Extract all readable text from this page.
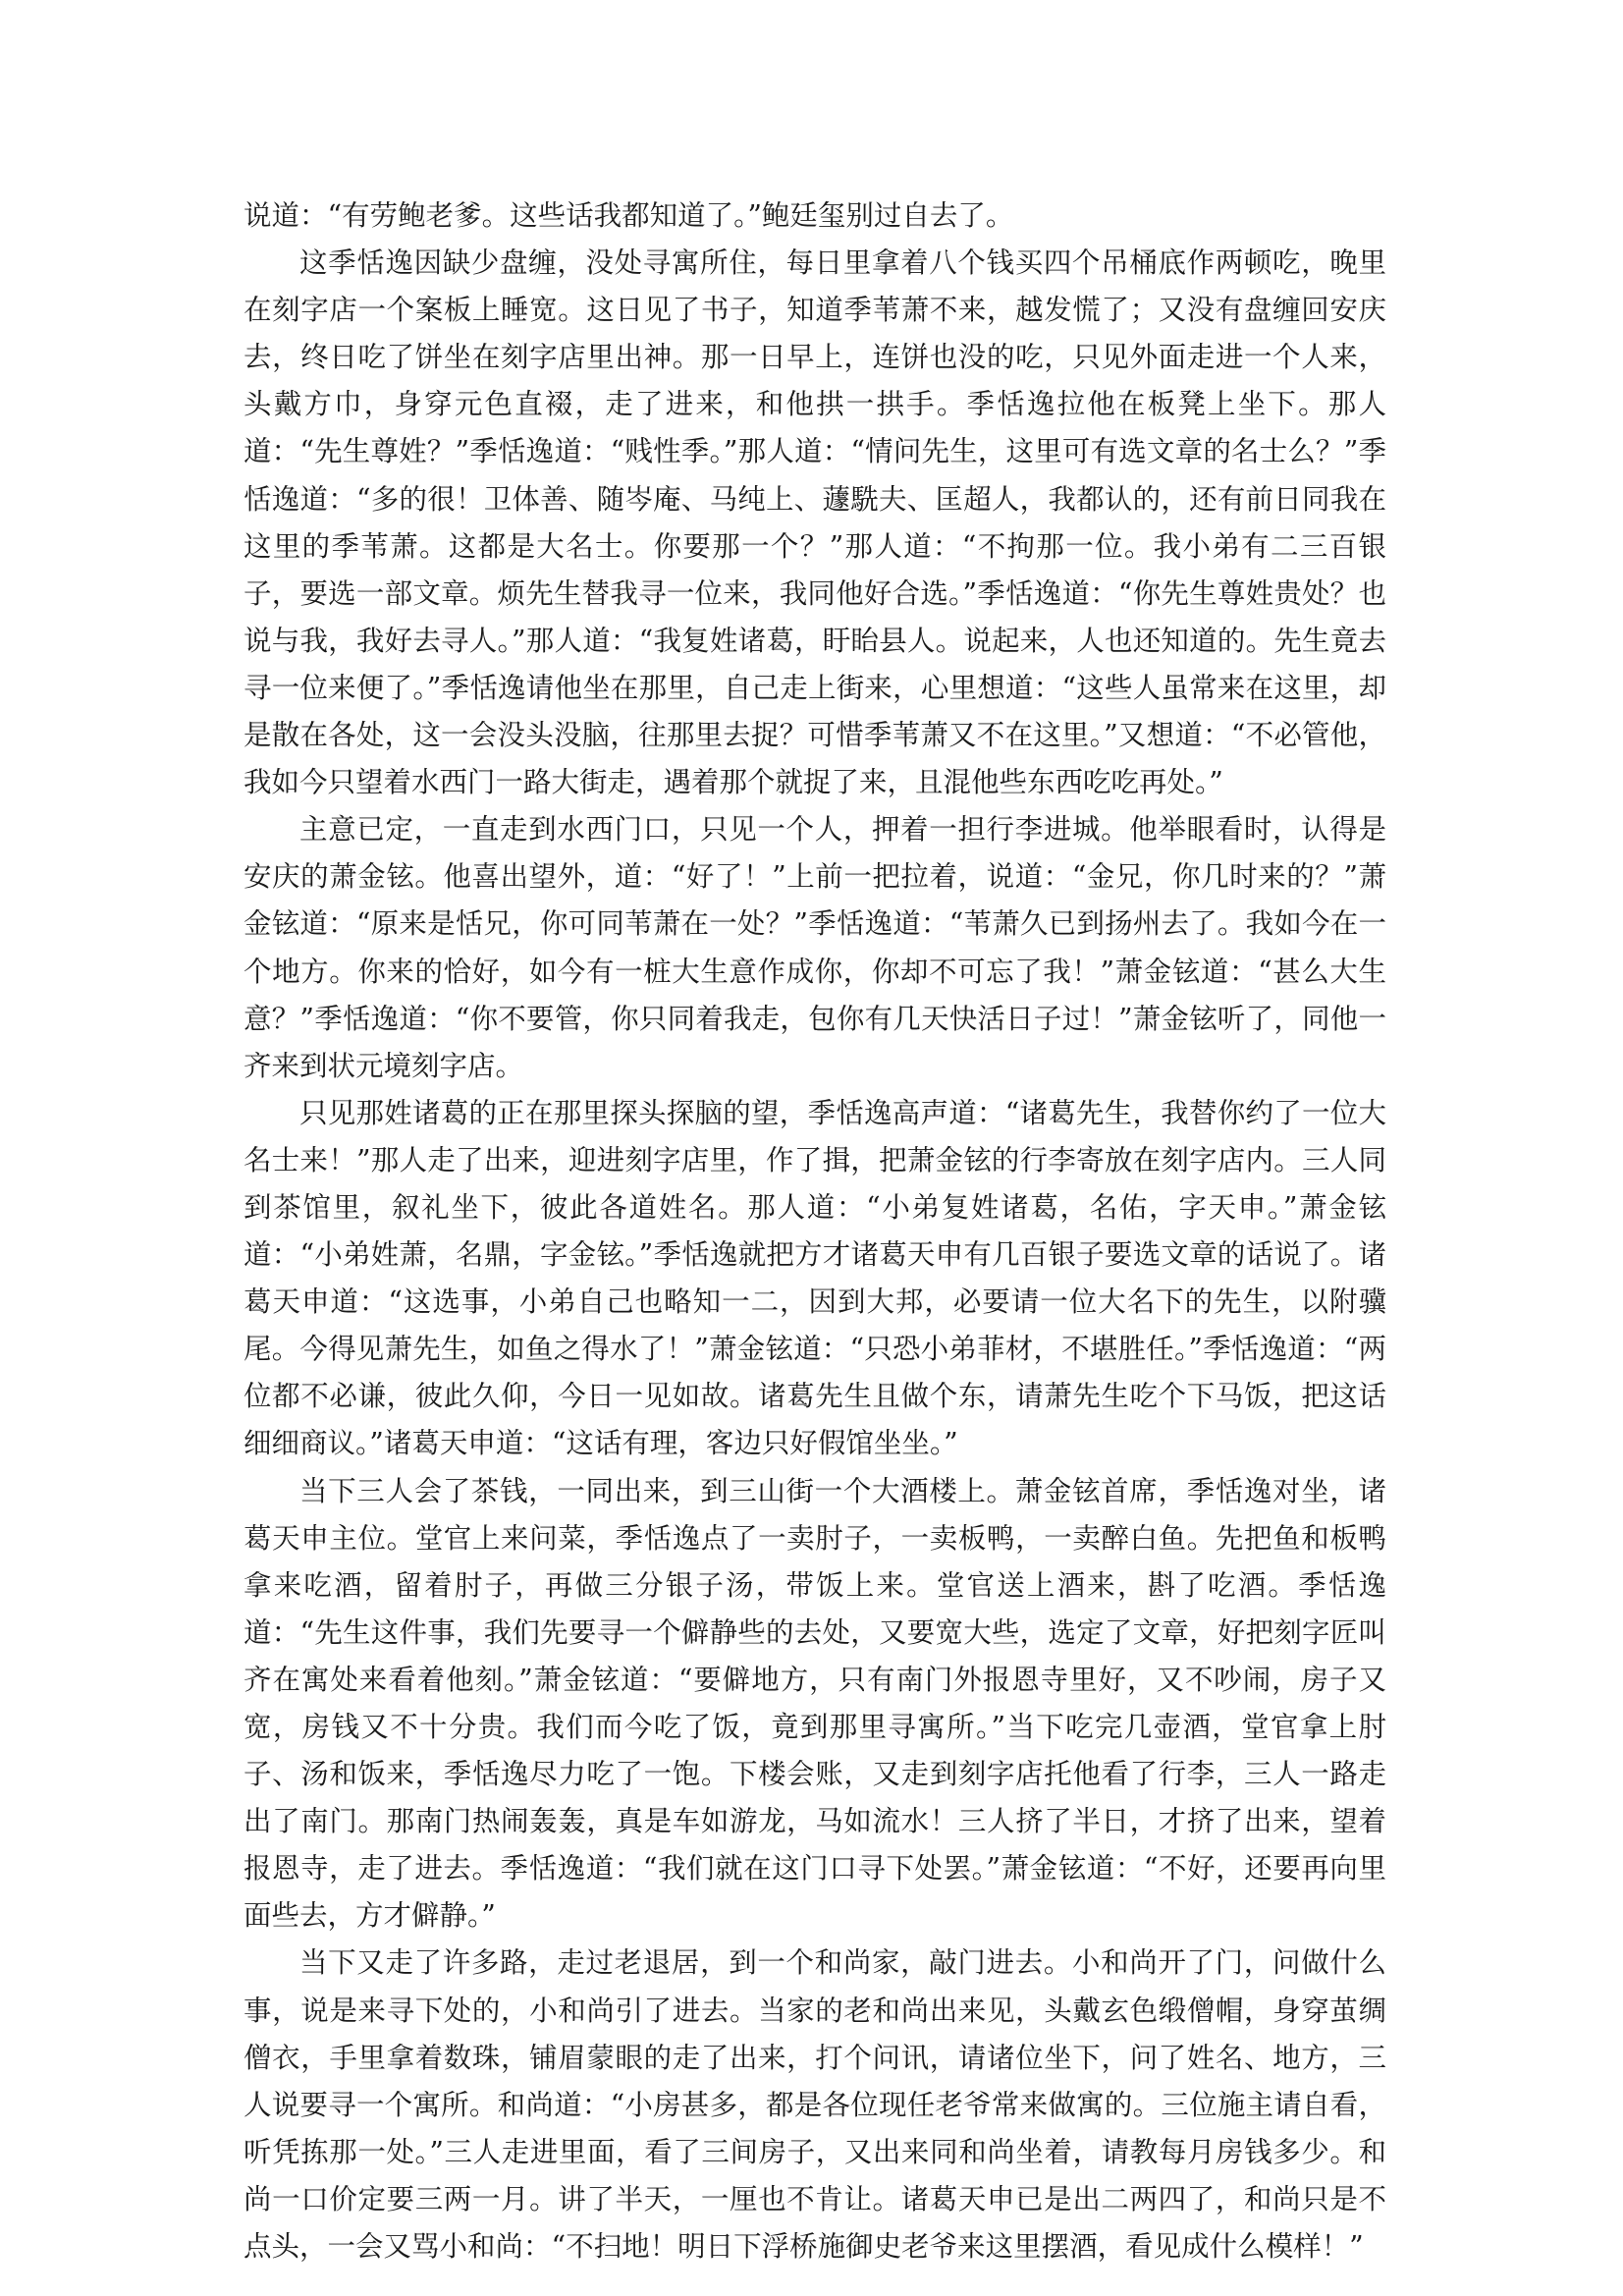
说道：“有劳鲍老爹。这些话我都知道了。”鲍廷玺别过自去了。

这季恬逸因缺少盘缠，没处寻寓所住，每日里拿着八个钱买四个吊桶底作两顿吃，晚里在刻字店一个案板上睡宽。这日见了书子，知道季苇萧不来，越发慌了；又没有盘缠回安庆去，终日吃了饼坐在刻字店里出神。那一日早上，连饼也没的吃，只见外面走进一个人来，头戴方巾，身穿元色直裰，走了进来，和他拱一拱手。季恬逸拉他在板凳上坐下。那人道：“先生尊姓？”季恬逸道：“贱性季。”那人道：“情问先生，这里可有选文章的名士么？”季恬逸道：“多的很！卫体善、随岑庵、马纯上、蘧駪夫、匡超人，我都认的，还有前日同我在这里的季苇萧。这都是大名士。你要那一个？”那人道：“不拘那一位。我小弟有二三百银子，要选一部文章。烦先生替我寻一位来，我同他好合选。”季恬逸道：“你先生尊姓贵处？也说与我，我好去寻人。”那人道：“我复姓诸葛，盱眙县人。说起来，人也还知道的。先生竟去寻一位来便了。”季恬逸请他坐在那里，自己走上街来，心里想道：“这些人虽常来在这里，却是散在各处，这一会没头没脑，往那里去捉？可惜季苇萧又不在这里。”又想道：“不必管他，我如今只望着水西门一路大街走，遇着那个就捉了来，且混他些东西吃吃再处。”

主意已定，一直走到水西门口，只见一个人，押着一担行李进城。他举眼看时，认得是安庆的萧金铉。他喜出望外，道：“好了！”上前一把拉着，说道：“金兄，你几时来的？”萧金铉道：“原来是恬兄，你可同苇萧在一处？”季恬逸道：“苇萧久已到扬州去了。我如今在一个地方。你来的恰好，如今有一桩大生意作成你，你却不可忘了我！”萧金铉道：“甚么大生意？”季恬逸道：“你不要管，你只同着我走，包你有几天快活日子过！”萧金铉听了，同他一齐来到状元境刻字店。

只见那姓诸葛的正在那里探头探脑的望，季恬逸高声道：“诸葛先生，我替你约了一位大名士来！”那人走了出来，迎进刻字店里，作了揖，把萧金铉的行李寄放在刻字店内。三人同到茶馆里，叙礼坐下，彼此各道姓名。那人道：“小弟复姓诸葛，名佑，字天申。”萧金铉道：“小弟姓萧，名鼎，字金铉。”季恬逸就把方才诸葛天申有几百银子要选文章的话说了。诸葛天申道：“这选事，小弟自己也略知一二，因到大邦，必要请一位大名下的先生，以附骥尾。今得见萧先生，如鱼之得水了！”萧金铉道：“只恐小弟菲材，不堪胜任。”季恬逸道：“两位都不必谦，彼此久仰，今日一见如故。诸葛先生且做个东，请萧先生吃个下马饭，把这话细细商议。”诸葛天申道：“这话有理，客边只好假馆坐坐。”

当下三人会了茶钱，一同出来，到三山街一个大酒楼上。萧金铉首席，季恬逸对坐，诸葛天申主位。堂官上来问菜，季恬逸点了一卖肘子，一卖板鸭，一卖醉白鱼。先把鱼和板鸭拿来吃酒，留着肘子，再做三分银子汤，带饭上来。堂官送上酒来，斟了吃酒。季恬逸道：“先生这件事，我们先要寻一个僻静些的去处，又要宽大些，选定了文章，好把刻字匠叫齐在寓处来看着他刻。”萧金铉道：“要僻地方，只有南门外报恩寺里好，又不吵闹，房子又宽，房钱又不十分贵。我们而今吃了饭，竟到那里寻寓所。”当下吃完几壶酒，堂官拿上肘子、汤和饭来，季恬逸尽力吃了一饱。下楼会账，又走到刻字店托他看了行李，三人一路走出了南门。那南门热闹轰轰，真是车如游龙，马如流水！三人挤了半日，才挤了出来，望着报恩寺，走了进去。季恬逸道：“我们就在这门口寻下处罢。”萧金铉道：“不好，还要再向里面些去，方才僻静。”

当下又走了许多路，走过老退居，到一个和尚家，敲门进去。小和尚开了门，问做什么事，说是来寻下处的，小和尚引了进去。当家的老和尚出来见，头戴玄色缎僧帽，身穿茧绸僧衣，手里拿着数珠，铺眉蒙眼的走了出来，打个问讯，请诸位坐下，问了姓名、地方，三人说要寻一个寓所。和尚道：“小房甚多，都是各位现任老爷常来做寓的。三位施主请自看，听凭拣那一处。”三人走进里面，看了三间房子，又出来同和尚坐着，请教每月房钱多少。和尚一口价定要三两一月。讲了半天，一厘也不肯让。诸葛天申已是出二两四了，和尚只是不点头，一会又骂小和尚：“不扫地！明日下浮桥施御史老爷来这里摆酒，看见成什么模样！”
